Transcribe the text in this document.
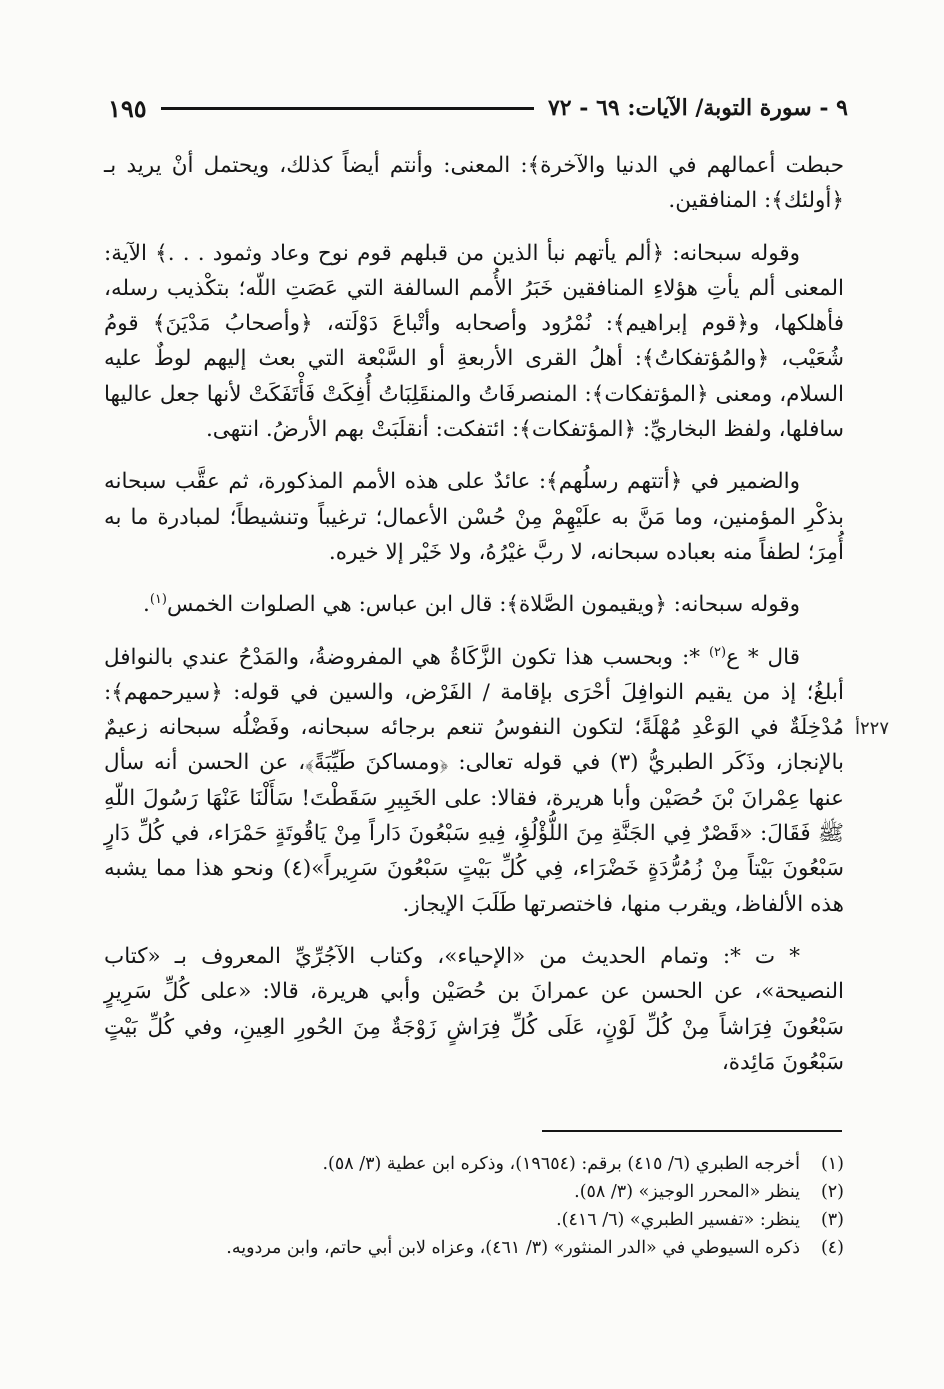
٩ - سورة التوبة/ الآيات: ٦٩ - ٧٢
١٩٥
٢٢٧أ

حبطت أعمالهم في الدنيا والآخرة﴾: المعنى: وأنتم أيضاً كذلك، ويحتمل أنْ يريد بـ ﴿أولئك﴾: المنافقين.

وقوله سبحانه: ﴿ألم يأتهم نبأ الذين من قبلهم قوم نوح وعاد وثمود . . .﴾ الآية: المعنى ألم يأتِ هؤلاءِ المنافقين خَبَرُ الأُمم السالفة التي عَصَتِ اللّه؛ بتكْذيب رسله، فأهلكها، و﴿قوم إبراهيم﴾: نُمْرُود وأصحابه وأتْباعَ دَوْلَته، ﴿وأصحابُ مَدْيَنَ﴾ قومُ شُعَيْب، ﴿والمُؤتفكاتُ﴾: أهلُ القرى الأربعةِ أو السَّبْعة التي بعث إليهم لوطٌ عليه السلام، ومعنى ﴿المؤتفكات﴾: المنصرفَاتُ والمنقَلِبَاتُ أُفِكَتْ فَأْتَفَكَتْ لأنها جعل عاليها سافلها، ولفظ البخاريِّ: ﴿المؤتفكات﴾: ائتفكت: أنقلَبَتْ بهم الأرضُ. انتهى.

والضمير في ﴿أتتهم رسلُهم﴾: عائدٌ على هذه الأمم المذكورة، ثم عقَّب سبحانه بذكْرِ المؤمنين، وما مَنَّ به علَيْهِمْ مِنْ حُسْن الأعمال؛ ترغيباً وتنشيطاً؛ لمبادرة ما به أُمِرَ؛ لطفاً منه بعباده سبحانه، لا ربَّ غيْرُهُ، ولا خَيْر إلا خيره.

وقوله سبحانه: ﴿ويقيمون الصَّلاة﴾: قال ابن عباس: هي الصلوات الخمس$^{(١)}$.

قال * ع$^{(٢)}$ *: وبحسب هذا تكون الزَّكَاةُ هي المفروضةُ، والمَدْحُ عندي بالنوافل أبلغُ؛ إذ من يقيم النوافِلَ أحْرَى بإقامة / الفَرْض، والسين في قوله: ﴿سيرحمهم﴾: مُدْخِلَةٌ في الوَعْدِ مُهْلَةً؛ لتكون النفوسُ تنعم برجائه سبحانه، وفَضْلُه سبحانه زعيمٌ بالإنجاز، وذَكَر الطبريُّ (٣) في قوله تعالى: ﴿ومساكنَ طَيِّبَةً﴾، عن الحسن أنه سأل عنها عِمْرانَ بْنَ حُصَيْن وأبا هريرة، فقالا: على الخَبِيرِ سَقَطْتَ! سَأَلْنَا عَنْهَا رَسُولَ اللّهِ ﷺ فَقَالَ: «قَصْرٌ فِي الجَنَّةِ مِنَ اللُّؤْلُؤِ، فِيهِ سَبْعُونَ دَاراً مِنْ يَاقُوتَةٍ حَمْرَاء، في كُلِّ دَارٍ سَبْعُونَ بَيْتاً مِنْ زُمُرُّدَةٍ خَضْرَاء، فِي كُلِّ بَيْتٍ سَبْعُونَ سَرِيراً»(٤) ونحو هذا مما يشبه هذه الألفاظ، ويقرب منها، فاختصرتها طَلَبَ الإيجاز.

* ت *: وتمام الحديث من «الإحياء»، وكتاب الآجُرِّيِّ المعروف بـ «كتاب النصيحة»، عن الحسن عن عمرانَ بن حُصَيْن وأبي هريرة، قالا: «على كُلِّ سَرِيرٍ سَبْعُونَ فِرَاشاً مِنْ كُلِّ لَوْنٍ، عَلَى كُلِّ فِرَاشٍ زَوْجَةٌ مِنَ الحُورِ العِينِ، وفي كُلِّ بَيْتٍ سَبْعُونَ مَائِدة،

(١)
أخرجه الطبري (٦/ ٤١٥) برقم: (١٩٦٥٤)، وذكره ابن عطية (٣/ ٥٨).
(٢)
ينظر «المحرر الوجيز» (٣/ ٥٨).
(٣)
ينظر: «تفسير الطبري» (٦/ ٤١٦).
(٤)
ذكره السيوطي في «الدر المنثور» (٣/ ٤٦١)، وعزاه لابن أبي حاتم، وابن مردويه.
